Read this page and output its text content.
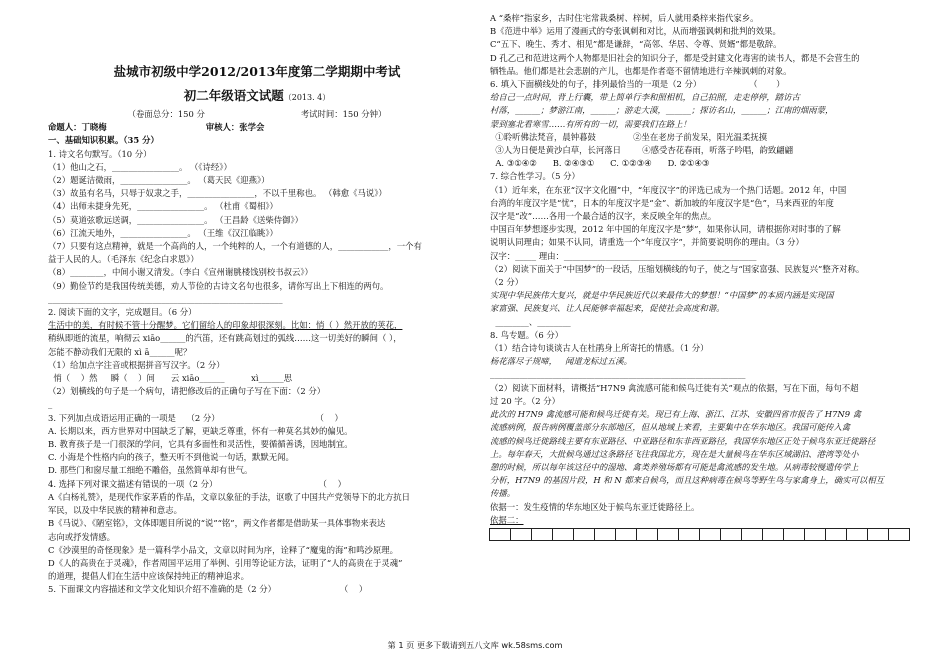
盐城市初级中学2012/2013年度第二学期期中考试

初二年级语文试题（2013. 4）

（卷面总分：150 分                                    考试时间：150 分钟）

命题人：丁晓梅                                  审核人：张学会

一、基础知识积累。（35 分）

1. 诗文名句默写。（10 分）

（1）他山之石，________________。 （《诗经》）

（2）题诞洁微雨，________________。 （葛天民《迎燕》）

（3）故虽有名马，只辱于奴隶之手，________________，不以千里称也。 （韩愈《马说》）

（4）出师未捷身先死，________________。 （杜甫《蜀相》）

（5）莫道弦歌远送调，________________。 （王昌龄《送柴侍御》）

（6）江流天地外，________________。 （王维《汉江临眺》）

（7）只要有这点精神，就是一个高尚的人，一个纯粹的人，一个有道德的人，____________，一个有

益于人民的人。（毛泽东《纪念白求恩》）

（8）________，中间小谢又清发。（李白《宣州谢朓楼饯别校书叔云》）

（9）勤俭节约是我国传统美德，劝人节俭的古诗文名句也很多，请你写出上下相连的两句。

________________________________________________________

2. 阅读下面的文字，完成题目。（6 分）

生活中的美，有时候不管十分醒梦。它们留给人的印象却很深刻。比如：悄（ ）然开放的荚花，

稍纵即逝的流星，响彻云 xiāo______的汽笛，还有跳高划过的弧线……这一切美好的瞬间（ ），

怎能不静动我们无限的 xì ā______呢？

（1）给加点字注音或根据拼音写汉字。（2 分）

悄（    ）然     瞬（    ）间      云 xiāo______          xì______思

（2）划横线的句子是一个病句，请把修改后的正确句子写在下面：（2 分）

_

3. 下列加点成语运用正确的一项是    （2 分）                                    （    ）

A. 长期以来，西方世界对中国缺乏了解，更缺乏尊重，怀有一种莫名其妙的偏见。

B. 教育孩子是一门很深的学问，它具有多面性和灵活性，要循循善诱，因地制宜。

C. 小海是个性格内向的孩子，整天听不到他说一句话，默默无闻。

D. 那些门和窗尽量工细绝不雕俗，虽然简单却有世气。

4. 选择下列对课文描述有错误的一项（2 分）                                      （    ）

A《白杨礼赞》，是现代作家茅盾的作品，文章以象征的手法，讴歌了中国共产党领导下的北方抗日

军民，以及中华民族的精神和意志。

B《马说》、《陋室铭》，文体即题目所说的“说”“铭”，两文作者都是借助某一具体事物来表达

志向或抒发情感。

C《沙漠里的奇怪现象》是一篇科学小品文，文章以时间为序，诠释了“魔鬼的海”和鸣沙原理。

D《人的高贵在于灵魂》，作者周国平运用了举例、引用等论证方法，证明了“人的高贵在于灵魂”

的道理，提倡人们在生活中应该保持纯正的精神追求。

5. 下面课文内容描述和文学文化知识介绍不准确的是（2 分）                        （    ）

A “桑梓”指家乡，古时住宅常栽桑树、梓树，后人就用桑梓来指代家乡。

B《范进中举》运用了漫画式的夸张讽刺和对比，从而增强讽刺和批判的效果。

C“五下、晚生、秀才、相见”都是谦辞，“高邻、华居、令尊、贤婿”都是敬辞。

D 孔乙己和范进这两个人物都是旧社会的知识分子，都是受封建文化毒害的读书人，都是不会营生的

牺牲品。他们都是社会悲剧的产儿，也都是作者毫不留情地进行辛辣讽刺的对象。

6. 填入下面横线处的句子，排列最恰当的一项是（2 分）                  （       ）

给自己一点时间，背上行囊，带上简单行李和照相机，自己拍照，走走停停，踏访古

村落，______；梦游江南，______；游走大漠，______；探访名山，______；江南的烟雨蒙，

蒙到塞北看寒雪……有所有的一切，需要我们在路上！

①聆听佛法梵音，晨钟暮鼓              ②坐在老房子前发呆，阳光温柔抚摸

③人为日便是黄沙白草，长河落日        ④感受杏花春雨，听落子吟唱，韵致翩翩

A. ③①④②      B. ②④③①      C. ①②③④      D. ②①④③

7. 综合性学习。（5 分）

（1）近年来，在东亚“汉字文化圈”中，“年度汉字”的评选已成为一个热门话题。2012 年，中国

台湾的年度汉字是“忧”，日本的年度汉字是“金”、新加坡的年度汉字是“色”，马来西亚的年度

汉字是“改”……各用一个最合适的汉字，来反映全年的焦点。

中国百年梦想逐步实现，2012 年中国的年度汉字是“梦”，如果你认同，请根据你对时事的了解

说明认同理由；如果不认同，请重选一个“年度汉字”，并简要说明你的理由。（3 分）

汉字：_____ 理由：______________________________________________

（2）阅读下面关于“中国梦”的一段话，压缩划横线的句子，使之与“国家富强、民族复兴”整齐对称。

（2 分）

实现中华民族伟大复兴，就是中华民族近代以来最伟大的梦想！“中国梦”的本质内涵是实现国

家富强、民族复兴、让人民能够幸福起来，促使社会高度和谐。

________、________

8. 鸟专题。（6 分）

（1）结合诗句谈谈古人在杜鹃身上所寄托的情感。（1 分）

杨花落尽子规啼，   闻道龙标过五溪。

_____________________________________________________________

（2）阅读下面材料，请概括“H7N9 禽流感可能和候鸟迁徙有关”观点的依据，写在下面，每句不超

过 20 字。（2 分）

此次的 H7N9 禽流感可能和候鸟迁徙有关。现已有上海、浙江、江苏、安徽四省市报告了 H7N9 禽

流感病例，报告病例覆盖部分东部地区，但从地域上来看，主要集中在华东地区。我国可能传入禽

流感的候鸟迁徙路线主要有东亚路径、中亚路径和东非西亚路径，我国华东地区正处于候鸟东亚迁徙路径

上。每年春天，大批候鸟通过这条路径飞往我国北方，现在是大量候鸟在华东区域湖泊、港湾等处小

憩的时候，所以每年该这径中的湿地、禽类养殖场都有可能是禽流感的发生地。从病毒较慢遗传学上

分析，H7N9 的基因片段，H 和 N 都来自候鸟，而且这种病毒在候鸟等野生鸟与家禽身上，确实可以相互

传播。

依据一：发生疫情的华东地区处于候鸟东亚迁徙路径上。

依据二：

第 1 页 更多下载请到五八文库 wk.58sms.com
